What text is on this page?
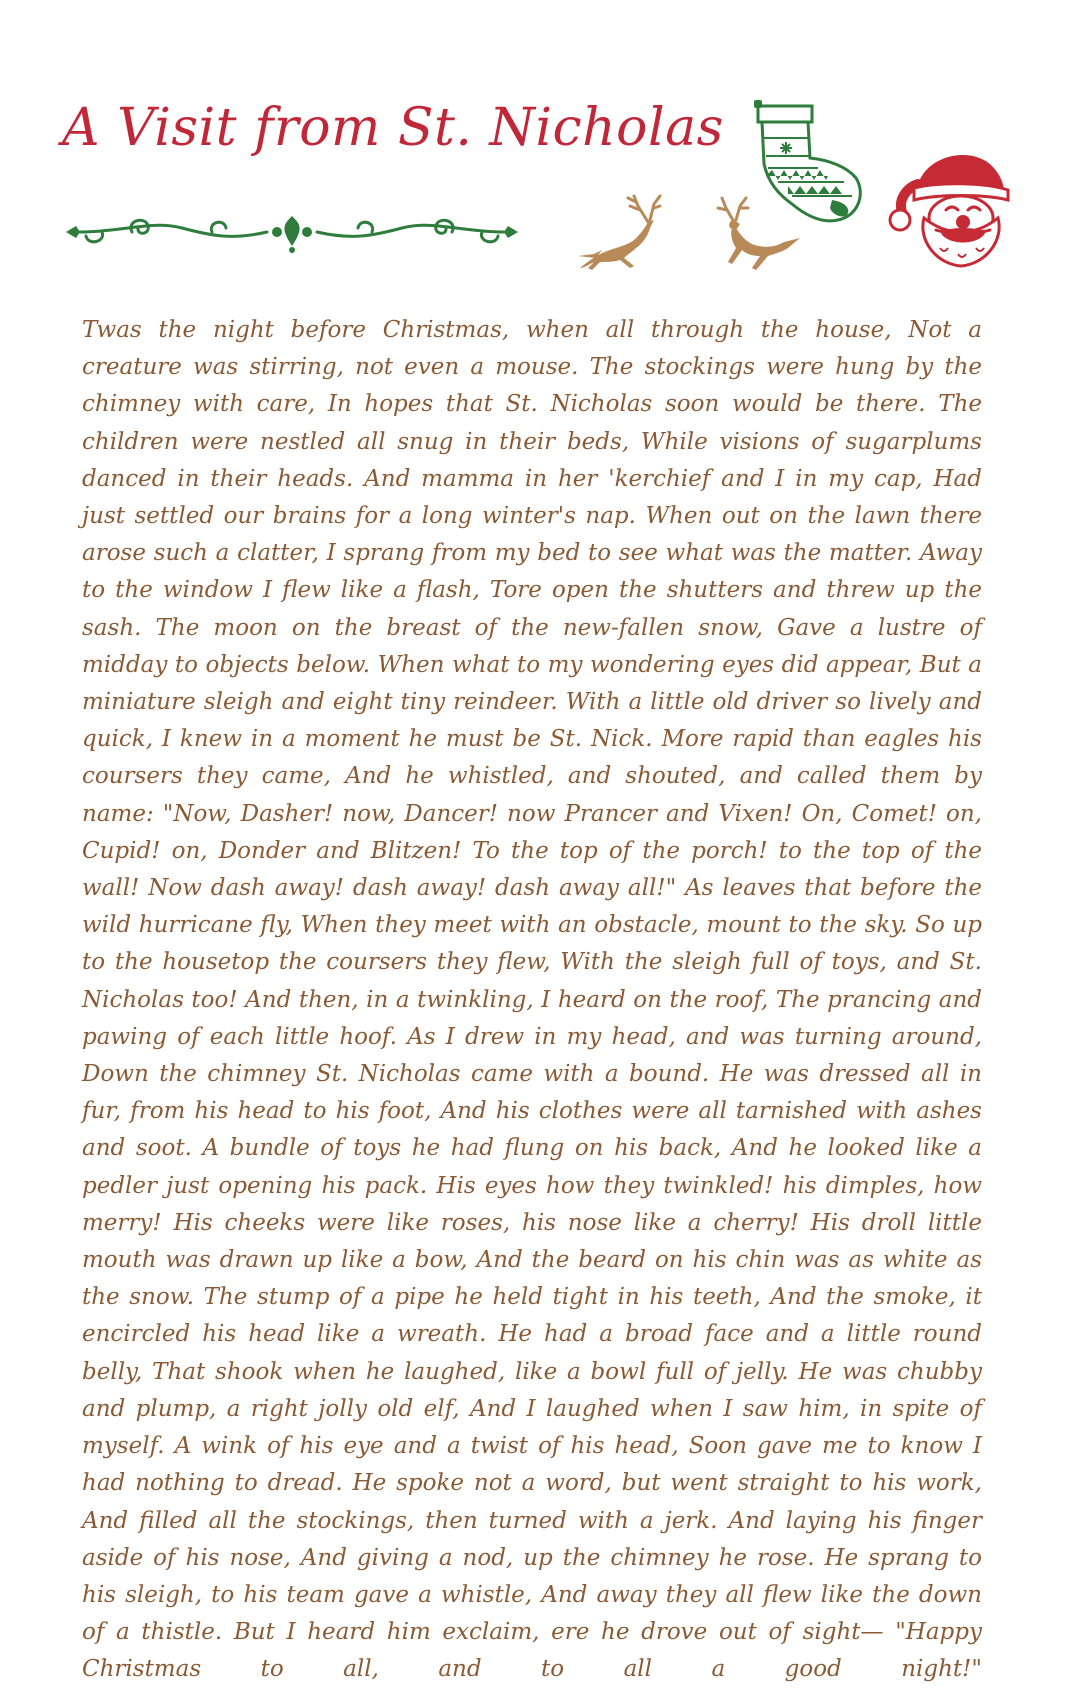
A Visit from St. Nicholas

Twas the night before Christmas, when all through the house, Not a creature was stirring, not even a mouse. The stockings were hung by the chimney with care, In hopes that St. Nicholas soon would be there. The children were nestled all snug in their beds, While visions of sugarplums danced in their heads. And mamma in her 'kerchief and I in my cap, Had just settled our brains for a long winter's nap. When out on the lawn there arose such a clatter, I sprang from my bed to see what was the matter. Away to the window I flew like a flash, Tore open the shutters and threw up the sash. The moon on the breast of the new-fallen snow, Gave a lustre of midday to objects below. When what to my wondering eyes did appear, But a miniature sleigh and eight tiny reindeer. With a little old driver so lively and quick, I knew in a moment he must be St. Nick. More rapid than eagles his coursers they came, And he whistled, and shouted, and called them by name: "Now, Dasher! now, Dancer! now Prancer and Vixen! On, Comet! on, Cupid! on, Donder and Blitzen! To the top of the porch! to the top of the wall! Now dash away! dash away! dash away all!" As leaves that before the wild hurricane fly, When they meet with an obstacle, mount to the sky. So up to the housetop the coursers they flew, With the sleigh full of toys, and St. Nicholas too! And then, in a twinkling, I heard on the roof, The prancing and pawing of each little hoof. As I drew in my head, and was turning around, Down the chimney St. Nicholas came with a bound. He was dressed all in fur, from his head to his foot, And his clothes were all tarnished with ashes and soot. A bundle of toys he had flung on his back, And he looked like a pedler just opening his pack. His eyes how they twinkled! his dimples, how merry! His cheeks were like roses, his nose like a cherry! His droll little mouth was drawn up like a bow, And the beard on his chin was as white as the snow. The stump of a pipe he held tight in his teeth, And the smoke, it encircled his head like a wreath. He had a broad face and a little round belly, That shook when he laughed, like a bowl full of jelly. He was chubby and plump, a right jolly old elf, And I laughed when I saw him, in spite of myself. A wink of his eye and a twist of his head, Soon gave me to know I had nothing to dread. He spoke not a word, but went straight to his work, And filled all the stockings, then turned with a jerk. And laying his finger aside of his nose, And giving a nod, up the chimney he rose. He sprang to his sleigh, to his team gave a whistle, And away they all flew like the down of a thistle. But I heard him exclaim, ere he drove out of sight— "Happy Christmas to all, and to all a good night!"
